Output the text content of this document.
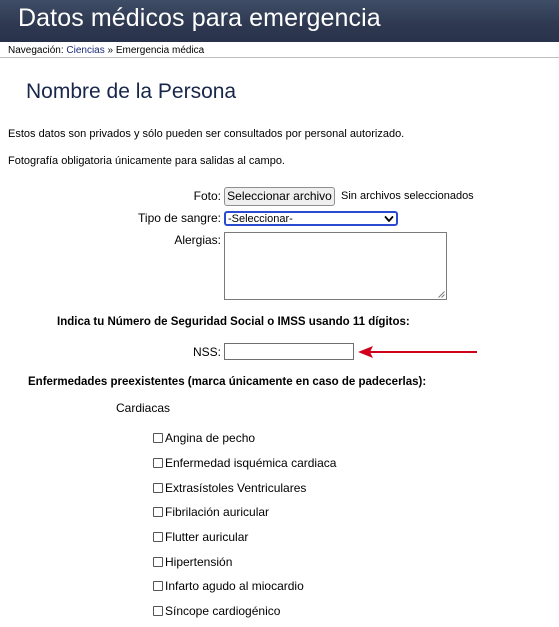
Datos médicos para emergencia
Navegación: Ciencias » Emergencia médica
Nombre de la Persona
Estos datos son privados y sólo pueden ser consultados por personal autorizado.
Fotografía obligatoria únicamente para salidas al campo.
Foto: Seleccionar archivo Sin archivos seleccionados
Tipo de sangre: -Seleccionar-
Alergias:
Indica tu Número de Seguridad Social o IMSS usando 11 dígitos:
NSS:
Enfermedades preexistentes (marca únicamente en caso de padecerlas):
Cardiacas
Angina de pecho
Enfermedad isquémica cardiaca
Extrasístoles Ventriculares
Fibrilación auricular
Flutter auricular
Hipertensión
Infarto agudo al miocardio
Síncope cardiogénico
